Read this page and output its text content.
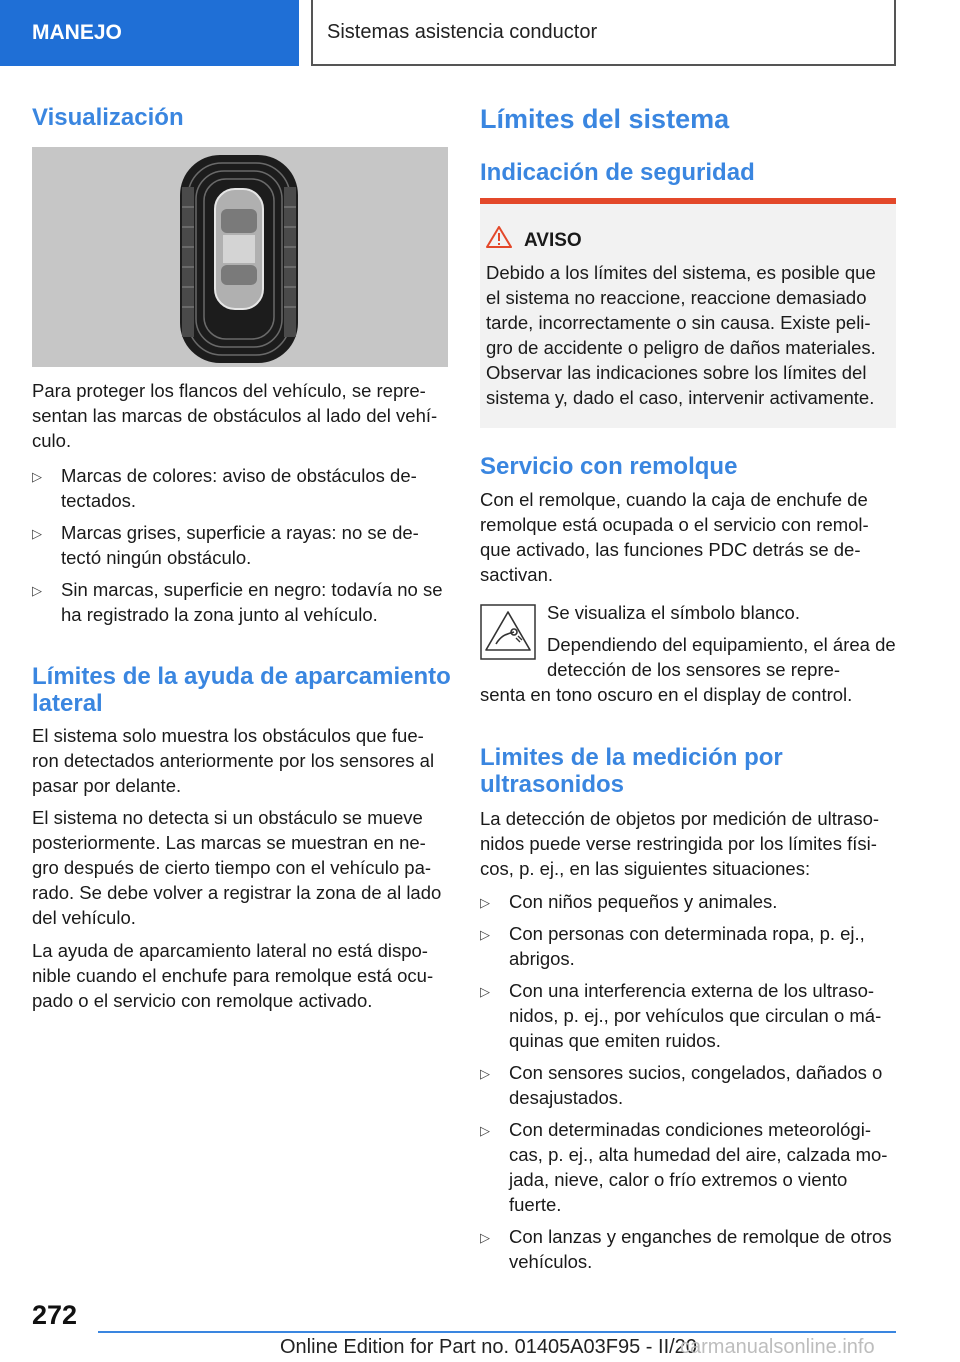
MANEJO	Sistemas asistencia conductor
Visualización
Para proteger los flancos del vehículo, se repre-sentan las marcas de obstáculos al lado del vehí-culo.
▷ Marcas de colores: aviso de obstáculos de-tectados.
▷ Marcas grises, superficie a rayas: no se de-tectó ningún obstáculo.
▷ Sin marcas, superficie en negro: todavía no se ha registrado la zona junto al vehículo.
Límites de la ayuda de aparcamiento
lateral
El sistema solo muestra los obstáculos que fue-ron detectados anteriormente por los sensores al pasar por delante.
El sistema no detecta si un obstáculo se mueve posteriormente. Las marcas se muestran en ne-gro después de cierto tiempo con el vehículo pa-rado. Se debe volver a registrar la zona de al lado del vehículo.
La ayuda de aparcamiento lateral no está dispo-nible cuando el enchufe para remolque está ocu-pado o el servicio con remolque activado.
Límites del sistema
Indicación de seguridad
AVISO
Debido a los límites del sistema, es posible que el sistema no reaccione, reaccione demasiado tarde, incorrectamente o sin causa. Existe peli-gro de accidente o peligro de daños materiales. Observar las indicaciones sobre los límites del sistema y, dado el caso, intervenir activamente.
Servicio con remolque
Con el remolque, cuando la caja de enchufe de remolque está ocupada o el servicio con remol-que activado, las funciones PDC detrás se de-sactivan.
Se visualiza el símbolo blanco.
Dependiendo del equipamiento, el área de detección de los sensores se repre-
senta en tono oscuro en el display de control.
Limites de la medición por
ultrasonidos
La detección de objetos por medición de ultraso-nidos puede verse restringida por los límites físi-cos, p. ej., en las siguientes situaciones:
▷ Con niños pequeños y animales.
▷ Con personas con determinada ropa, p. ej., abrigos.
▷ Con una interferencia externa de los ultraso-nidos, p. ej., por vehículos que circulan o má-quinas que emiten ruidos.
▷ Con sensores sucios, congelados, dañados o desajustados.
▷ Con determinadas condiciones meteorológi-cas, p. ej., alta humedad del aire, calzada mo-jada, nieve, calor o frío extremos o viento fuerte.
▷ Con lanzas y enganches de remolque de otros vehículos.
272
Online Edition for Part no. 01405A03F95 - II/20
carmanualsonline.info
